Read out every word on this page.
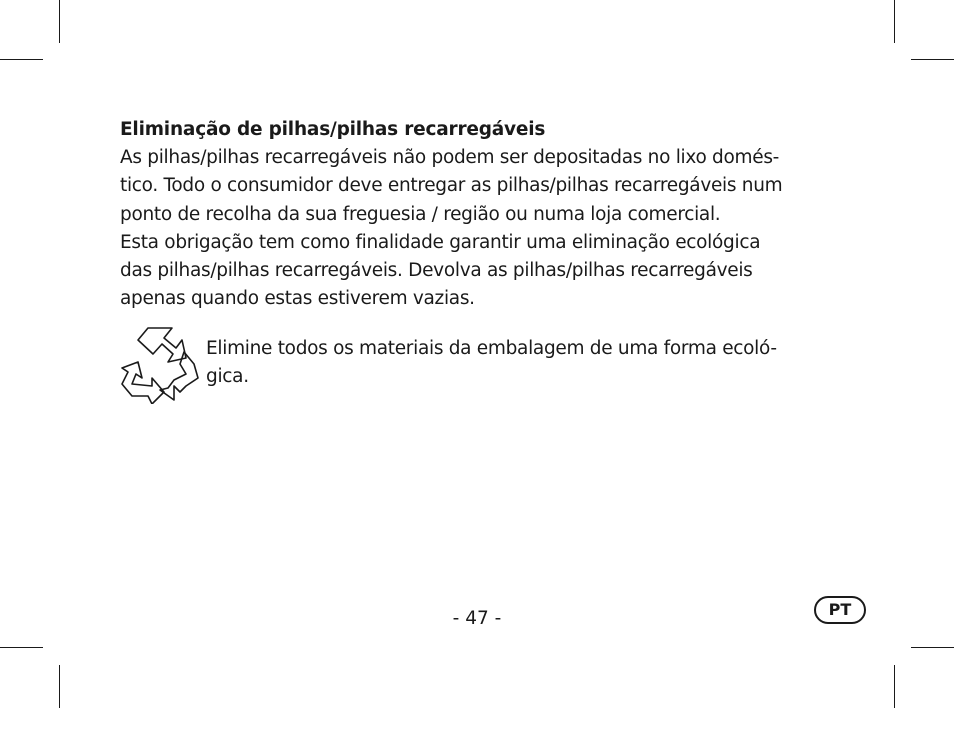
Eliminação de pilhas/pilhas recarregáveis

As pilhas/pilhas recarregáveis não podem ser depositadas no lixo domés-
tico. Todo o consumidor deve entregar as pilhas/pilhas recarregáveis num
ponto de recolha da sua freguesia / região ou numa loja comercial.
Esta obrigação tem como finalidade garantir uma eliminação ecológica
das pilhas/pilhas recarregáveis. Devolva as pilhas/pilhas recarregáveis
apenas quando estas estiverem vazias.

Elimine todos os materiais da embalagem de uma forma ecoló-
gica.
- 47 -	PT
